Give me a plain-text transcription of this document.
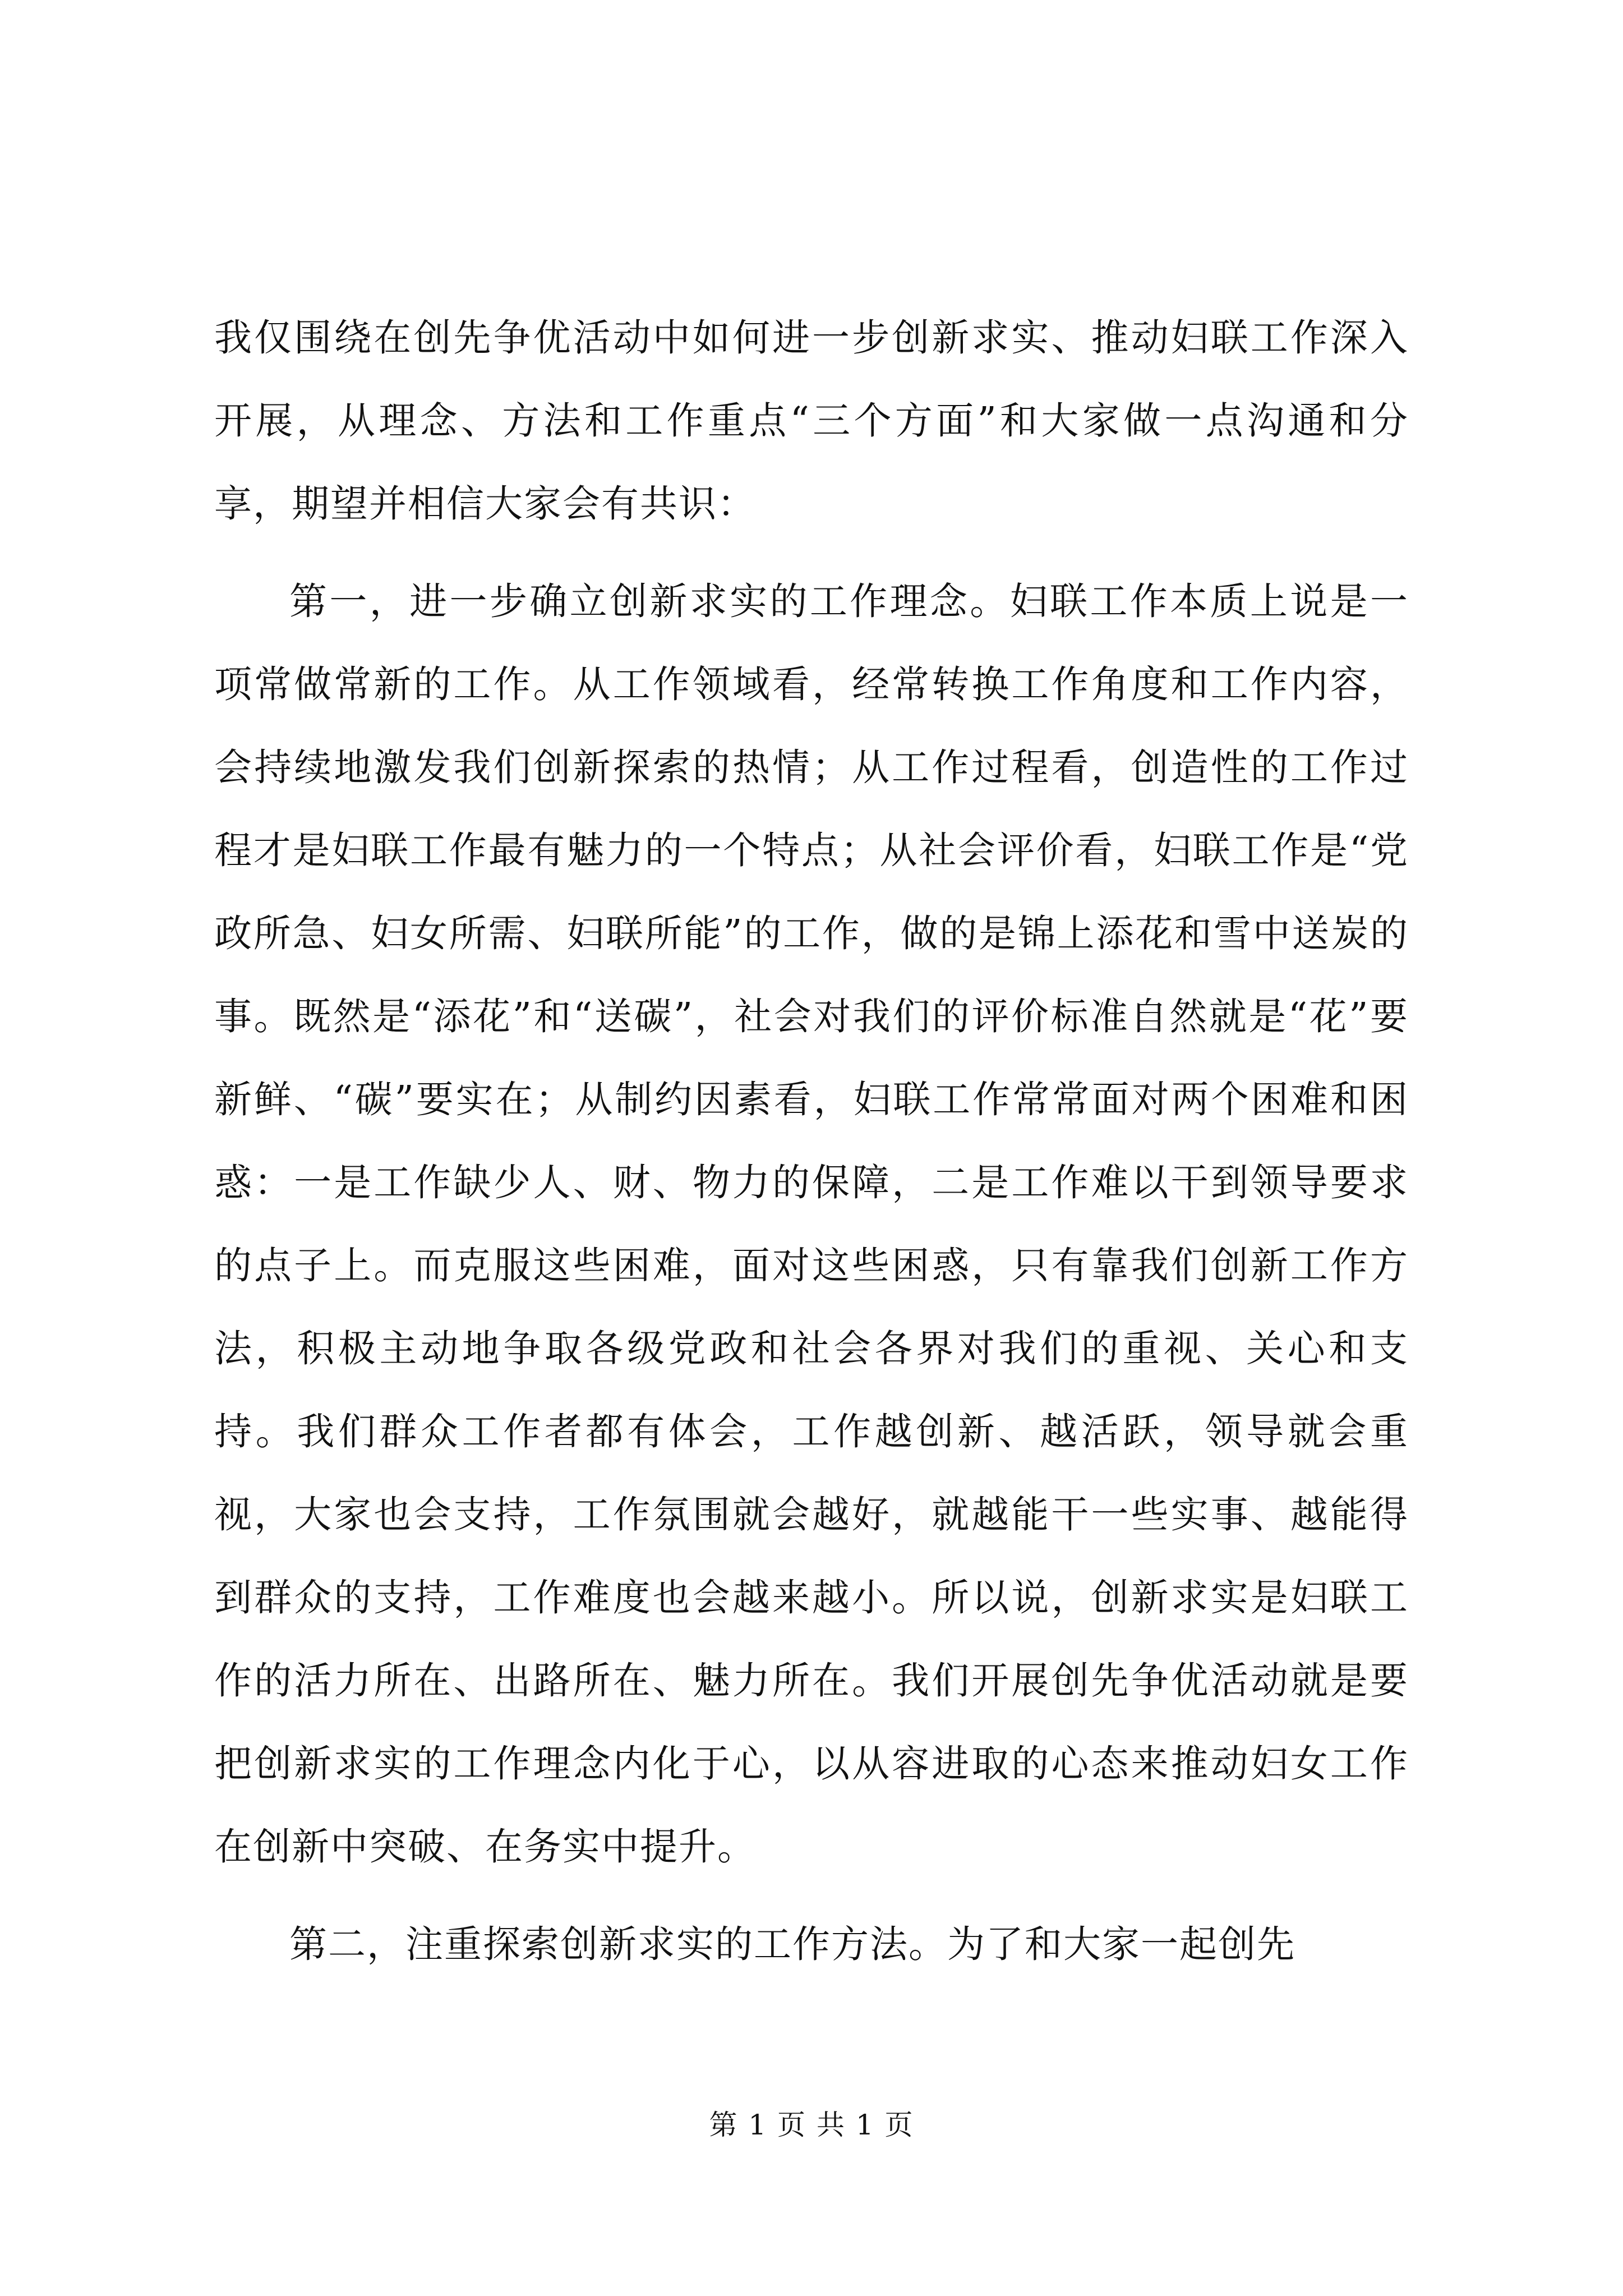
我仅围绕在创先争优活动中如何进一步创新求实、推动妇联工作深入开展，从理念、方法和工作重点“三个方面”和大家做一点沟通和分享，期望并相信大家会有共识：

第一，进一步确立创新求实的工作理念。妇联工作本质上说是一项常做常新的工作。从工作领域看，经常转换工作角度和工作内容，会持续地激发我们创新探索的热情；从工作过程看，创造性的工作过程才是妇联工作最有魅力的一个特点；从社会评价看，妇联工作是“党政所急、妇女所需、妇联所能”的工作，做的是锦上添花和雪中送炭的事。既然是“添花”和“送碳”，社会对我们的评价标准自然就是“花”要新鲜、“碳”要实在；从制约因素看，妇联工作常常面对两个困难和困惑：一是工作缺少人、财、物力的保障，二是工作难以干到领导要求的点子上。而克服这些困难，面对这些困惑，只有靠我们创新工作方法，积极主动地争取各级党政和社会各界对我们的重视、关心和支持。我们群众工作者都有体会，工作越创新、越活跃，领导就会重视，大家也会支持，工作氛围就会越好，就越能干一些实事、越能得到群众的支持，工作难度也会越来越小。所以说，创新求实是妇联工作的活力所在、出路所在、魅力所在。我们开展创先争优活动就是要把创新求实的工作理念内化于心，以从容进取的心态来推动妇女工作在创新中突破、在务实中提升。

第二，注重探索创新求实的工作方法。为了和大家一起创先

第 1 页 共 1 页
